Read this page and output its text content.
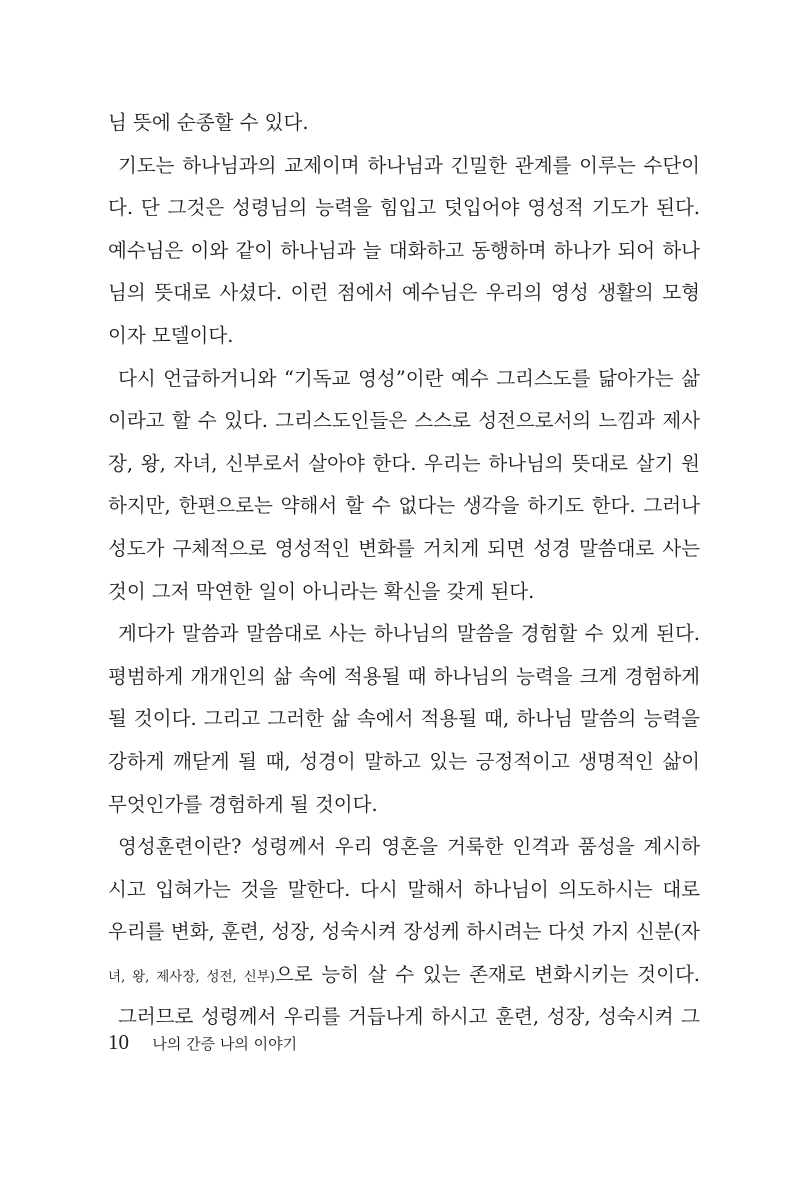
님 뜻에 순종할 수 있다.
기도는 하나님과의 교제이며 하나님과 긴밀한 관계를 이루는 수단이
다. 단 그것은 성령님의 능력을 힘입고 덧입어야 영성적 기도가 된다.
예수님은 이와 같이 하나님과 늘 대화하고 동행하며 하나가 되어 하나
님의 뜻대로 사셨다. 이런 점에서 예수님은 우리의 영성 생활의 모형
이자 모델이다.
다시 언급하거니와 “기독교 영성”이란 예수 그리스도를 닮아가는 삶
이라고 할 수 있다. 그리스도인들은 스스로 성전으로서의 느낌과 제사
장, 왕, 자녀, 신부로서 살아야 한다. 우리는 하나님의 뜻대로 살기 원
하지만, 한편으로는 약해서 할 수 없다는 생각을 하기도 한다. 그러나
성도가 구체적으로 영성적인 변화를 거치게 되면 성경 말씀대로 사는
것이 그저 막연한 일이 아니라는 확신을 갖게 된다.
게다가 말씀과 말씀대로 사는 하나님의 말씀을 경험할 수 있게 된다.
평범하게 개개인의 삶 속에 적용될 때 하나님의 능력을 크게 경험하게
될 것이다. 그리고 그러한 삶 속에서 적용될 때, 하나님 말씀의 능력을
강하게 깨닫게 될 때, 성경이 말하고 있는 긍정적이고 생명적인 삶이
무엇인가를 경험하게 될 것이다.
영성훈련이란? 성령께서 우리 영혼을 거룩한 인격과 품성을 계시하
시고 입혀가는 것을 말한다. 다시 말해서 하나님이 의도하시는 대로
우리를 변화, 훈련, 성장, 성숙시켜 장성케 하시려는 다섯 가지 신분(자
녀, 왕, 제사장, 성전, 신부)으로 능히 살 수 있는 존재로 변화시키는 것이다.
그러므로 성령께서 우리를 거듭나게 하시고 훈련, 성장, 성숙시켜 그
10 나의 간증 나의 이야기
